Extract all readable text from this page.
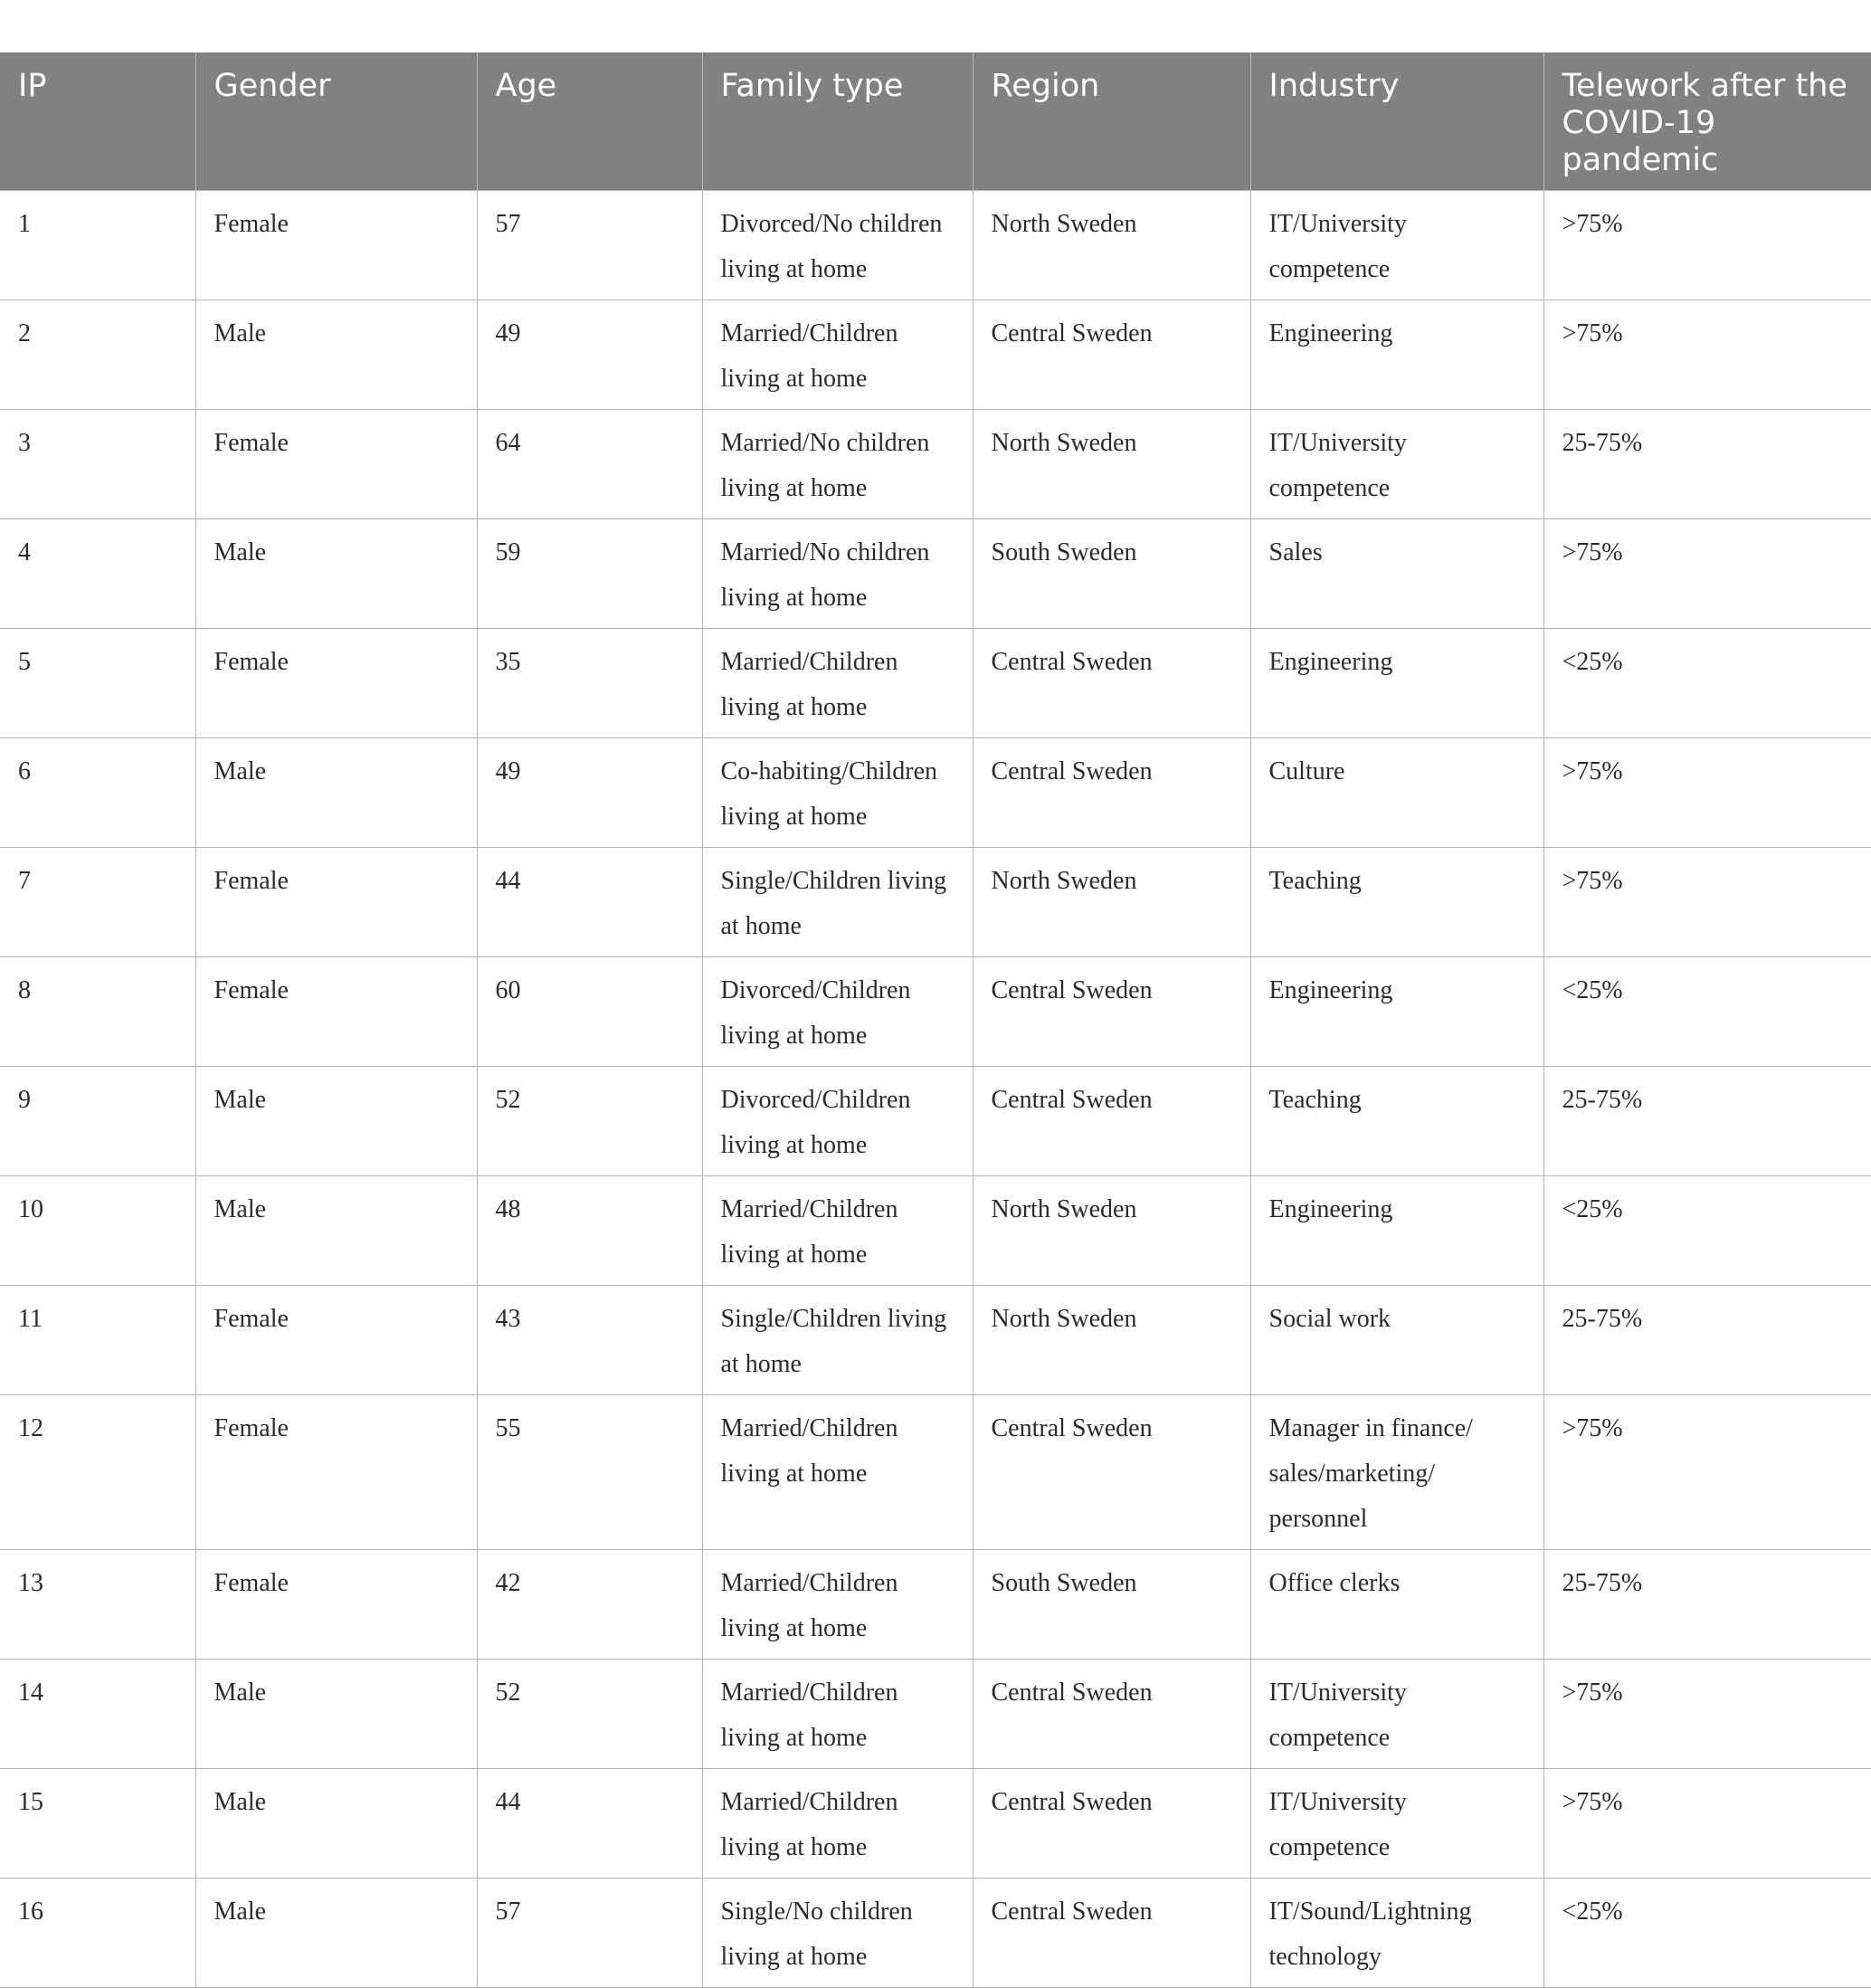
IP	Gender	Age	Family type	Region	Industry	Telework after the COVID-19 pandemic
1	Female	57	Divorced/No children living at home	North Sweden	IT/University competence	>75%
2	Male	49	Married/Children living at home	Central Sweden	Engineering	>75%
3	Female	64	Married/No children living at home	North Sweden	IT/University competence	25-75%
4	Male	59	Married/No children living at home	South Sweden	Sales	>75%
5	Female	35	Married/Children living at home	Central Sweden	Engineering	<25%
6	Male	49	Co-habiting/Children living at home	Central Sweden	Culture	>75%
7	Female	44	Single/Children living at home	North Sweden	Teaching	>75%
8	Female	60	Divorced/Children living at home	Central Sweden	Engineering	<25%
9	Male	52	Divorced/Children living at home	Central Sweden	Teaching	25-75%
10	Male	48	Married/Children living at home	North Sweden	Engineering	<25%
11	Female	43	Single/Children living at home	North Sweden	Social work	25-75%
12	Female	55	Married/Children living at home	Central Sweden	Manager in finance/ sales/marketing/ personnel	>75%
13	Female	42	Married/Children living at home	South Sweden	Office clerks	25-75%
14	Male	52	Married/Children living at home	Central Sweden	IT/University competence	>75%
15	Male	44	Married/Children living at home	Central Sweden	IT/University competence	>75%
16	Male	57	Single/No children living at home	Central Sweden	IT/Sound/Lightning technology	<25%
